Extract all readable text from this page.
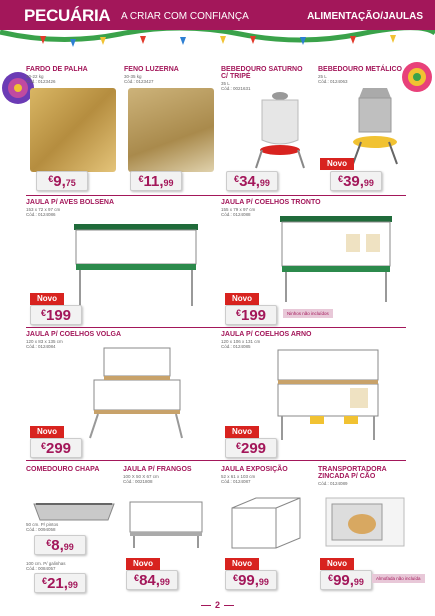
PECUÁRIA A CRIAR COM CONFIANÇA	ALIMENTAÇÃO/JAULAS
FARDO DE PALHA
20-22 kg
Cód.: 0123426
€9,75
FENO LUZERNA
30-35 kg
Cód.: 0123427
€11,99
BEBEDOURO SATURNO
C/ TRIPÉ
35 L
Cód.: 0021631
€34,99
BEBEDOURO METÁLICO
25 L
Cód.: 0124063
Novo
€39,99
JAULA P/ AVES BOLSENA
153 x 72 x 97 cm
Cód.: 0124086
Novo
€199
JAULA P/ COELHOS TRONTO
155 x 79 x 97 cm
Cód.: 0124088
Novo
€199	Ninhos não incluídos
JAULA P/ COELHOS VOLGA
120 x 83 x 135 cm
Cód.: 0124084
Novo
€299
JAULA P/ COELHOS ARNO
120 x 106 x 131 cm
Cód.: 0124085
Novo
€299
COMEDOURO CHAPA
50 cm. P/ pintos
Cód.: 0094058
€8,99
100 cm. P/ galinhas
Cód.: 0084057
€21,99
JAULA P/ FRANGOS
100 X 50 X 67 cm
Cód.: 0021808
Novo
€84,99
JAULA EXPOSIÇÃO
52 x 61 x 103 cm
Cód.: 0124087
Novo
€99,99
TRANSPORTADORA
ZINCADA P/ CÃO
Cód.: 0124089
Novo
€99,99	Almofada não incluída
2
